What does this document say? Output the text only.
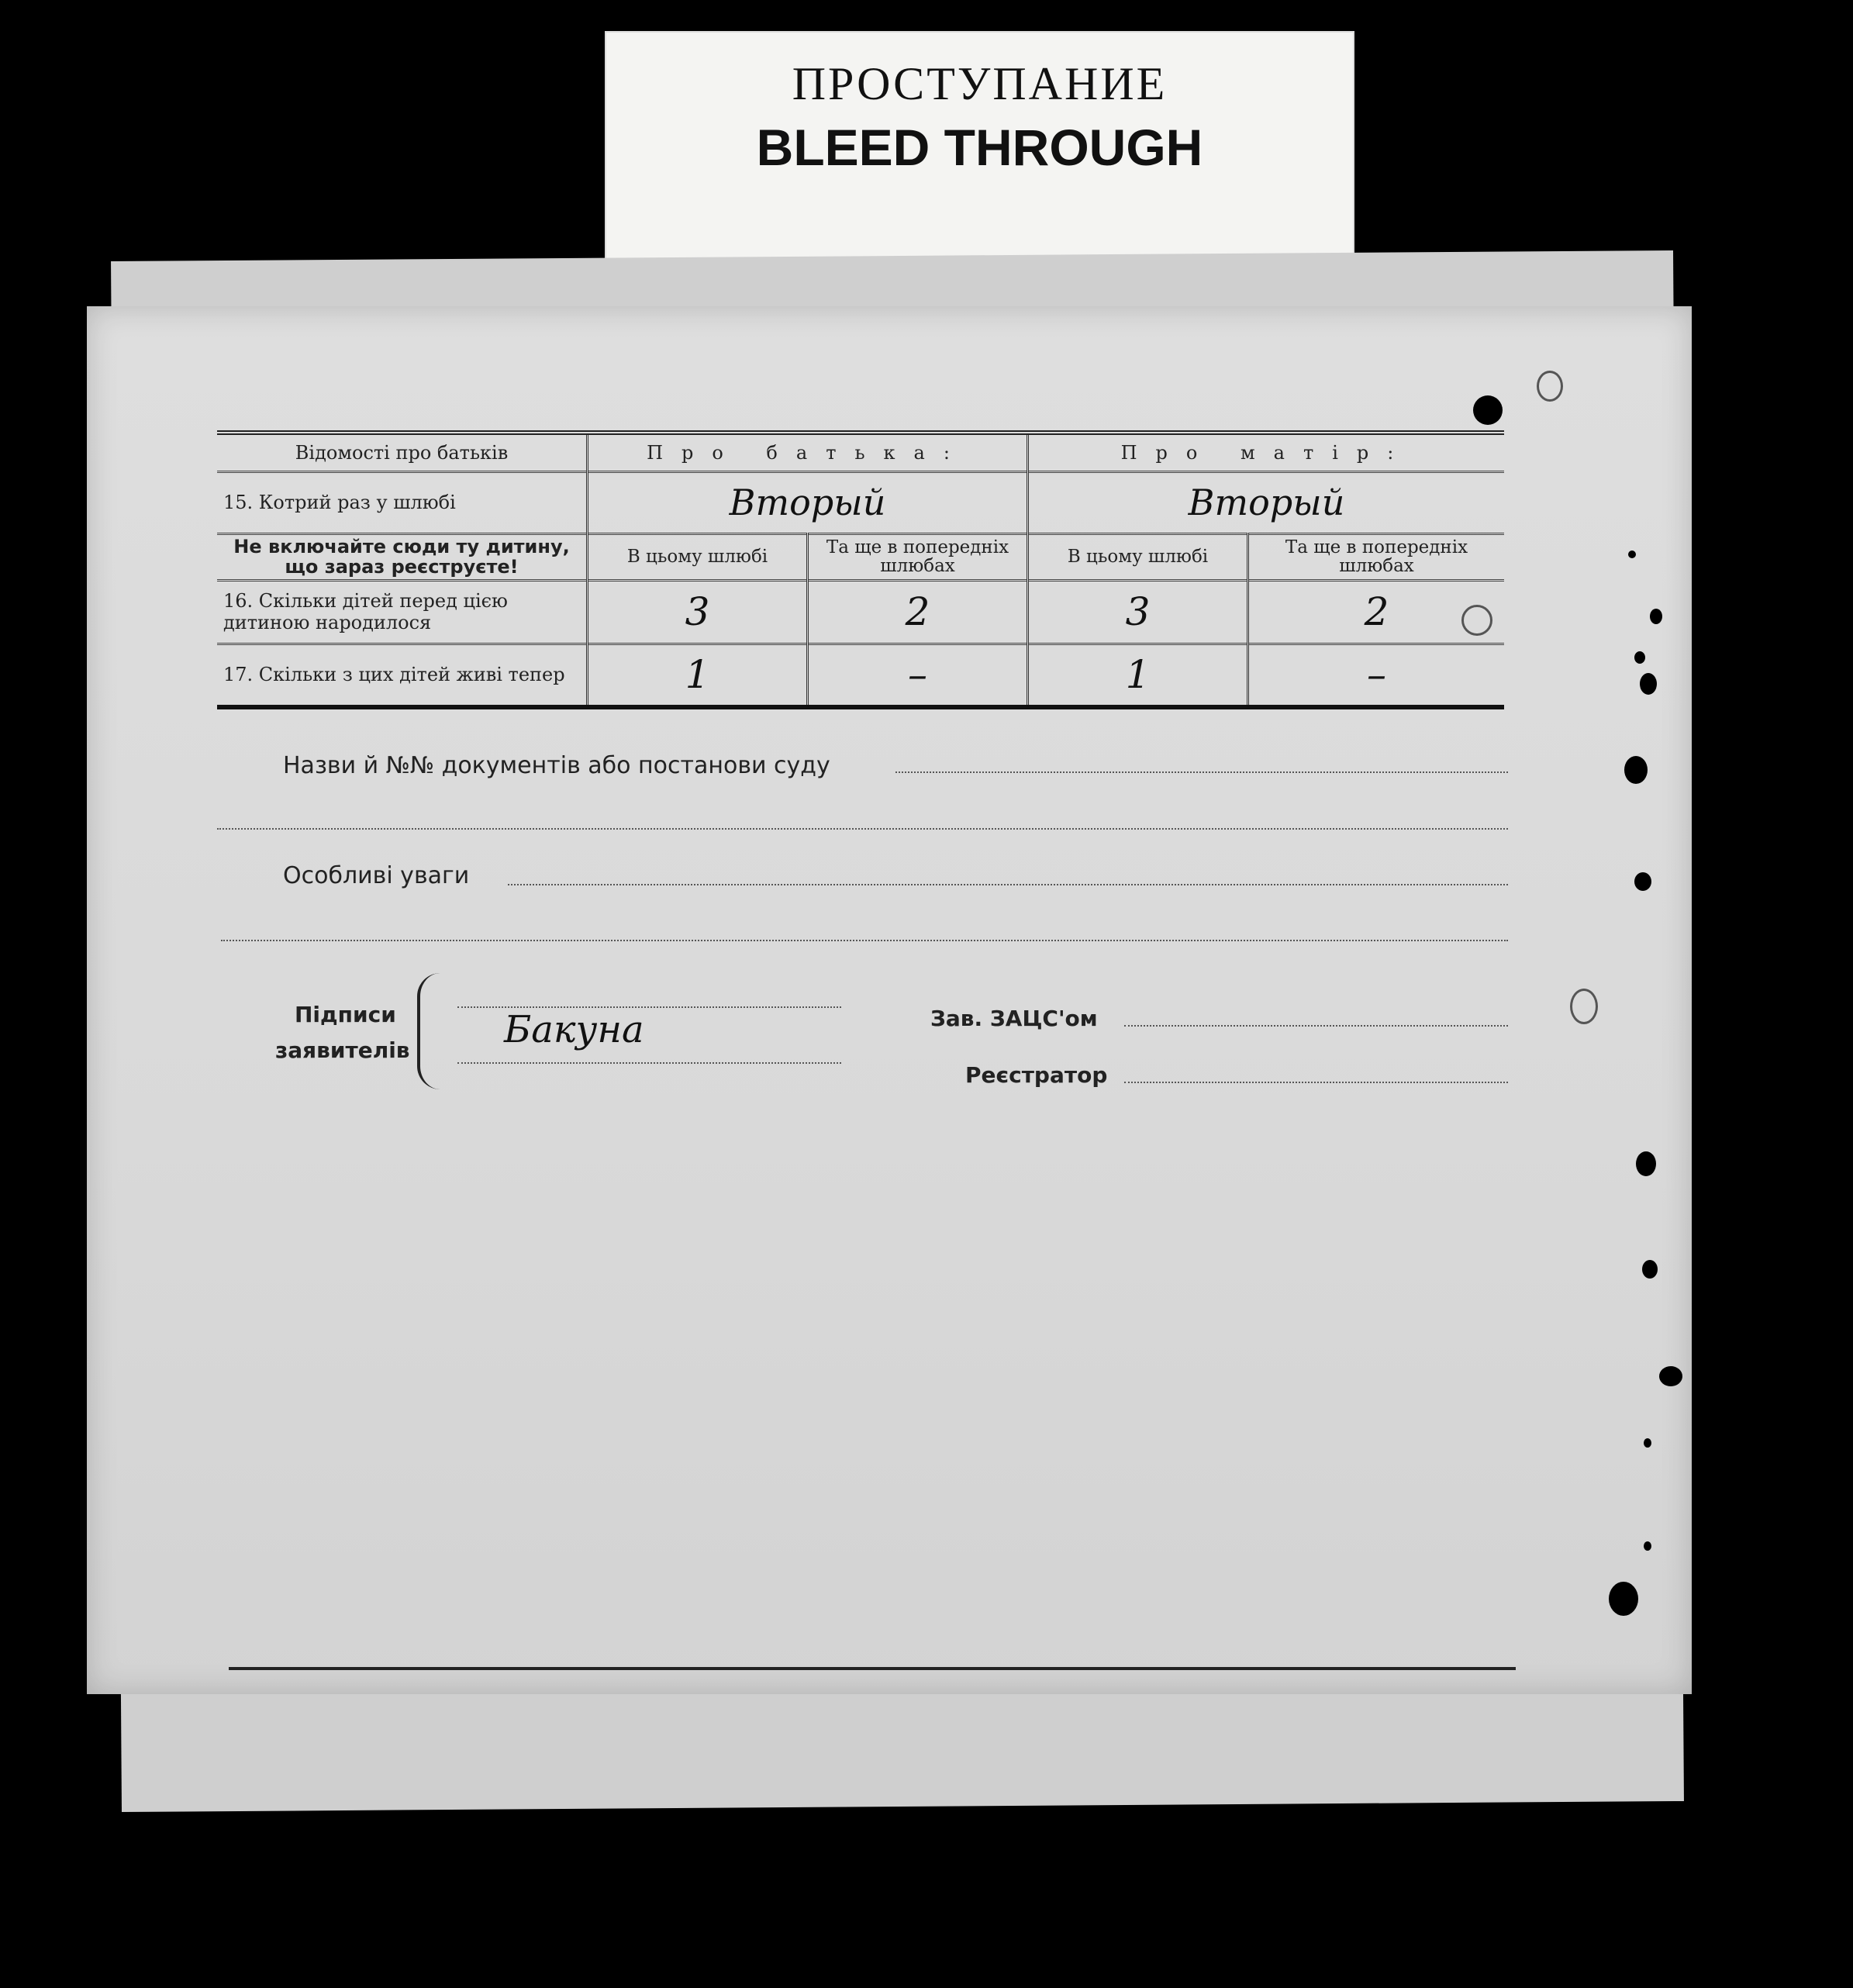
ПРОСТУПАНИЕ
BLEED THROUGH
Відомості про батьків	Про батька:		Про матір:	
15. Котрий раз у шлюбі	Вторый		Вторый	
Не включайте сюди ту дитину, що зараз реєструєте!	В цьому шлюбі	Та ще в попередніх шлюбах	В цьому шлюбі	Та ще в попередніх шлюбах
16. Скільки дітей перед цією дитиною народилося	3	2	3	2
17. Скільки з цих дітей живі тепер	1	–	1	–
Назви й №№ документів або постанови суду
Особливі уваги
Підписи
заявителів	Бакуна	Зав. ЗАЦС'ом
Реєстратор
